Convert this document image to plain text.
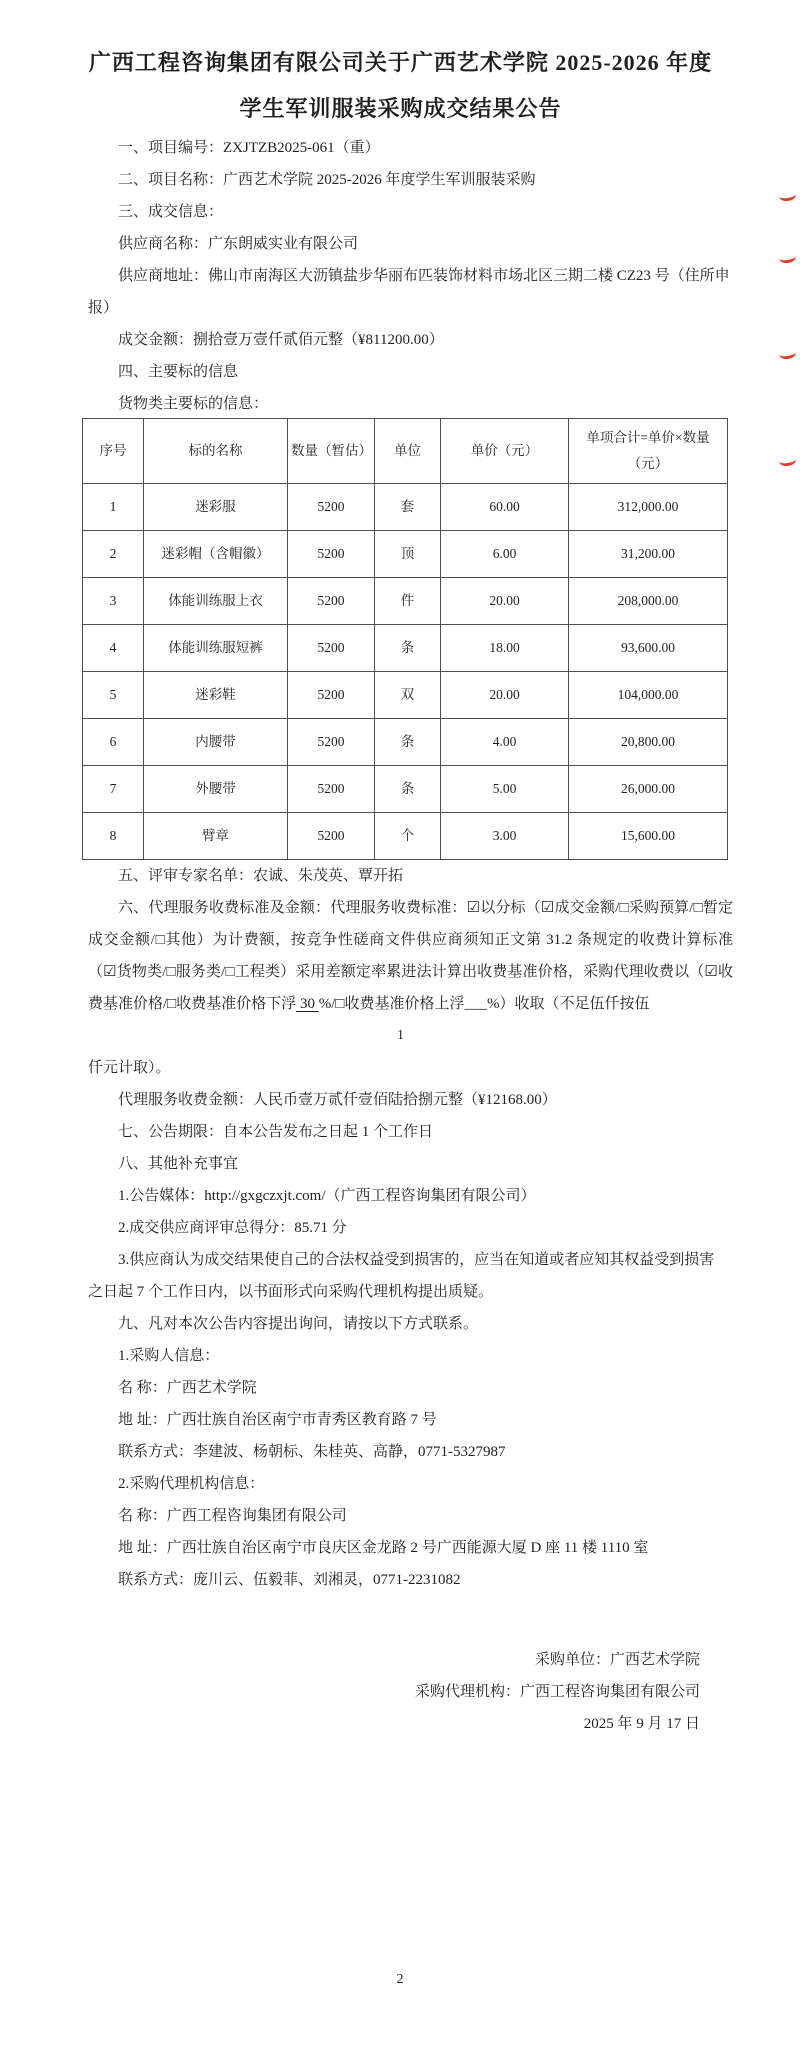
广西工程咨询集团有限公司关于广西艺术学院 2025-2026 年度
学生军训服装采购成交结果公告

一、项目编号：ZXJTZB2025-061（重）

二、项目名称：广西艺术学院 2025-2026 年度学生军训服装采购

三、成交信息：

供应商名称：广东朗威实业有限公司

供应商地址：佛山市南海区大沥镇盐步华丽布匹装饰材料市场北区三期二楼 CZ23 号（住所申
报）

成交金额：捌拾壹万壹仟贰佰元整（¥811200.00）

四、主要标的信息

货物类主要标的信息：

序号	标的名称	数量（暂估）	单位	单价（元）	单项合计=单价×数量（元）
1	迷彩服	5200	套	60.00	312,000.00
2	迷彩帽（含帽徽）	5200	顶	6.00	31,200.00
3	体能训练服上衣	5200	件	20.00	208,000.00
4	体能训练服短裤	5200	条	18.00	93,600.00
5	迷彩鞋	5200	双	20.00	104,000.00
6	内腰带	5200	条	4.00	20,800.00
7	外腰带	5200	条	5.00	26,000.00
8	臂章	5200	个	3.00	15,600.00

五、评审专家名单：农诚、朱茂英、覃开拓

六、代理服务收费标准及金额：代理服务收费标准：☑以分标（☑成交金额/□采购预算/□暂定成交金额/□其他）为计费额，按竞争性磋商文件供应商须知正文第 31.2 条规定的收费计算标准（☑货物类/□服务类/□工程类）采用差额定率累进法计算出收费基准价格，采购代理收费以（☑收费基准价格/□收费基准价格下浮 30 %/□收费基准价格上浮___%）收取（不足伍仟按伍

1

仟元计取）。

代理服务收费金额：人民币壹万贰仟壹佰陆拾捌元整（¥12168.00）

七、公告期限：自本公告发布之日起 1 个工作日

八、其他补充事宜

1.公告媒体：http://gxgczxjt.com/（广西工程咨询集团有限公司）

2.成交供应商评审总得分：85.71 分

3.供应商认为成交结果使自己的合法权益受到损害的，应当在知道或者应知其权益受到损害
之日起 7 个工作日内，以书面形式向采购代理机构提出质疑。

九、凡对本次公告内容提出询问，请按以下方式联系。

1.采购人信息：

名 称：广西艺术学院

地 址：广西壮族自治区南宁市青秀区教育路 7 号

联系方式：李建波、杨朝标、朱桂英、高静，0771-5327987

2.采购代理机构信息：

名 称：广西工程咨询集团有限公司

地 址：广西壮族自治区南宁市良庆区金龙路 2 号广西能源大厦 D 座 11 楼 1110 室

联系方式：庞川云、伍毅菲、刘湘灵，0771-2231082

采购单位：广西艺术学院

采购代理机构：广西工程咨询集团有限公司

2025 年 9 月 17 日

2
